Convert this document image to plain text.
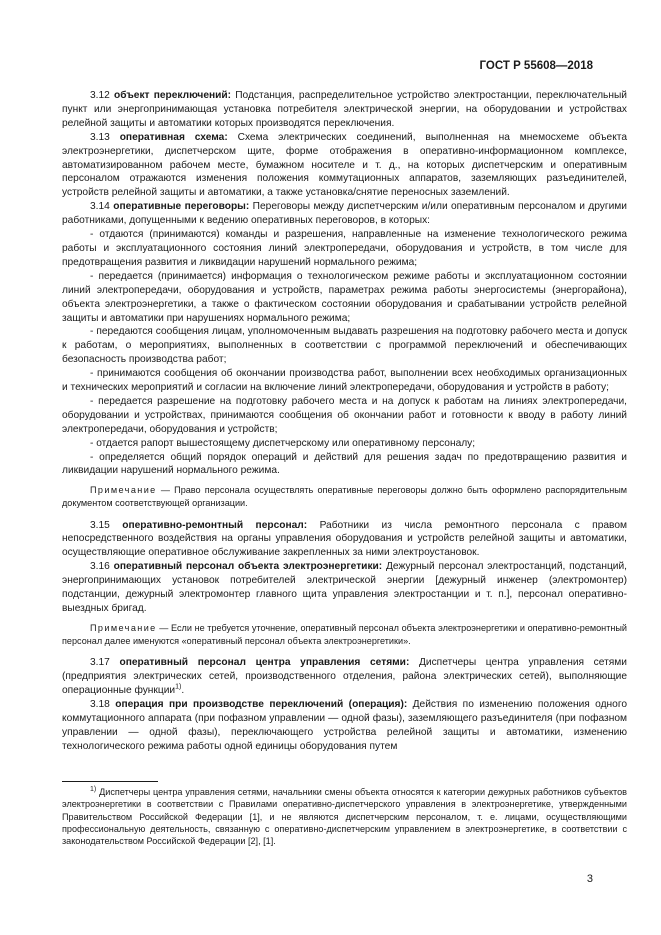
ГОСТ Р 55608—2018

3.12 объект переключений: Подстанция, распределительное устройство электростанции, переключательный пункт или энергопринимающая установка потребителя электрической энергии, на оборудовании и устройствах релейной защиты и автоматики которых производятся переключения.

3.13 оперативная схема: Схема электрических соединений, выполненная на мнемосхеме объекта электроэнергетики, диспетчерском щите, форме отображения в оперативно-информационном комплексе, автоматизированном рабочем месте, бумажном носителе и т. д., на которых диспетчерским и оперативным персоналом отражаются изменения положения коммутационных аппаратов, заземляющих разъединителей, устройств релейной защиты и автоматики, а также установка/снятие переносных заземлений.

3.14 оперативные переговоры: Переговоры между диспетчерским и/или оперативным персоналом и другими работниками, допущенными к ведению оперативных переговоров, в которых:

- отдаются (принимаются) команды и разрешения, направленные на изменение технологического режима работы и эксплуатационного состояния линий электропередачи, оборудования и устройств, в том числе для предотвращения развития и ликвидации нарушений нормального режима;

- передается (принимается) информация о технологическом режиме работы и эксплуатационном состоянии линий электропередачи, оборудования и устройств, параметрах режима работы энергосистемы (энергорайона), объекта электроэнергетики, а также о фактическом состоянии оборудования и срабатывании устройств релейной защиты и автоматики при нарушениях нормального режима;

- передаются сообщения лицам, уполномоченным выдавать разрешения на подготовку рабочего места и допуск к работам, о мероприятиях, выполненных в соответствии с программой переключений и обеспечивающих безопасность производства работ;

- принимаются сообщения об окончании производства работ, выполнении всех необходимых организационных и технических мероприятий и согласии на включение линий электропередачи, оборудования и устройств в работу;

- передается разрешение на подготовку рабочего места и на допуск к работам на линиях электропередачи, оборудовании и устройствах, принимаются сообщения об окончании работ и готовности к вводу в работу линий электропередачи, оборудования и устройств;

- отдается рапорт вышестоящему диспетчерскому или оперативному персоналу;

- определяется общий порядок операций и действий для решения задач по предотвращению развития и ликвидации нарушений нормального режима.

Примечание — Право персонала осуществлять оперативные переговоры должно быть оформлено распорядительным документом соответствующей организации.

3.15 оперативно-ремонтный персонал: Работники из числа ремонтного персонала с правом непосредственного воздействия на органы управления оборудования и устройств релейной защиты и автоматики, осуществляющие оперативное обслуживание закрепленных за ними электроустановок.

3.16 оперативный персонал объекта электроэнергетики: Дежурный персонал электростанций, подстанций, энергопринимающих установок потребителей электрической энергии [дежурный инженер (электромонтер) подстанции, дежурный электромонтер главного щита управления электростанции и т. п.], персонал оперативно-выездных бригад.

Примечание — Если не требуется уточнение, оперативный персонал объекта электроэнергетики и оперативно-ремонтный персонал далее именуются «оперативный персонал объекта электроэнергетики».

3.17 оперативный персонал центра управления сетями: Диспетчеры центра управления сетями (предприятия электрических сетей, производственного отделения, района электрических сетей), выполняющие операционные функции$^{1)}$.

3.18 операция при производстве переключений (операция): Действия по изменению положения одного коммутационного аппарата (при пофазном управлении — одной фазы), заземляющего разъединителя (при пофазном управлении — одной фазы), переключающего устройства релейной защиты и автоматики, изменению технологического режима работы одной единицы оборудования путем

$^{1)}$ Диспетчеры центра управления сетями, начальники смены объекта относятся к категории дежурных работников субъектов электроэнергетики в соответствии с Правилами оперативно-диспетчерского управления в электроэнергетике, утвержденными Правительством Российской Федерации [1], и не являются диспетчерским персоналом, т. е. лицами, осуществляющими профессиональную деятельность, связанную с оперативно-диспетчерским управлением в электроэнергетике, в соответствии с законодательством Российской Федерации [2], [1].

3
